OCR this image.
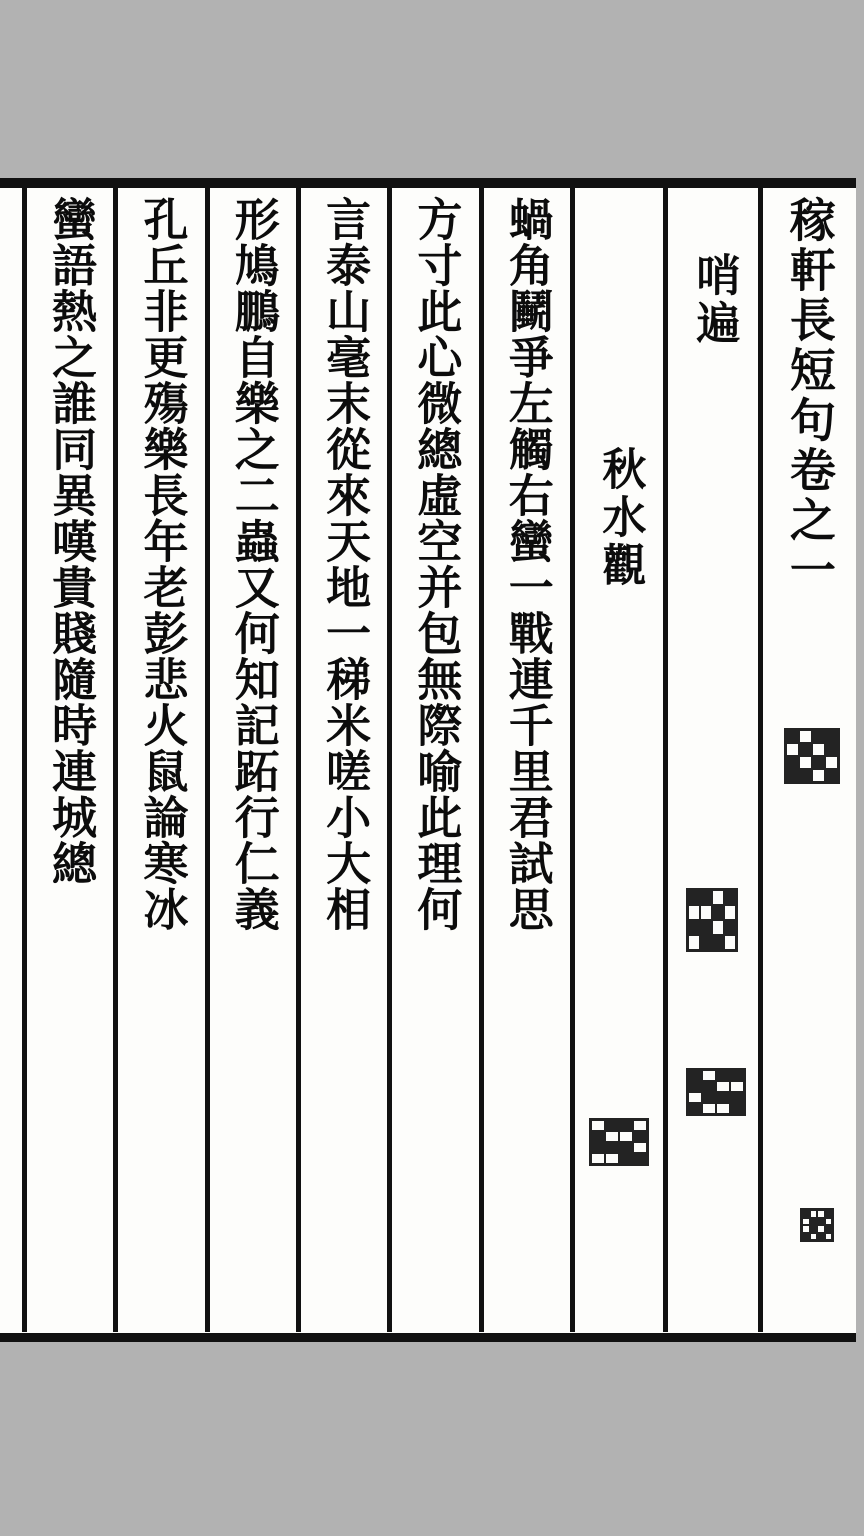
稼軒長短句卷之一
哨遍
秋水觀
蝸角鬭爭左觸右蠻一戰連千里君試思
方寸此心微總虛空并包無際喻此理何
言泰山毫末從來天地一稊米嗟小大相
形鳩鵬自樂之二蟲又何知記跖行仁義
孔丘非更殤樂長年老彭悲火鼠論寒冰
蠻語熱之誰同異嘆貴賤隨時連城總
